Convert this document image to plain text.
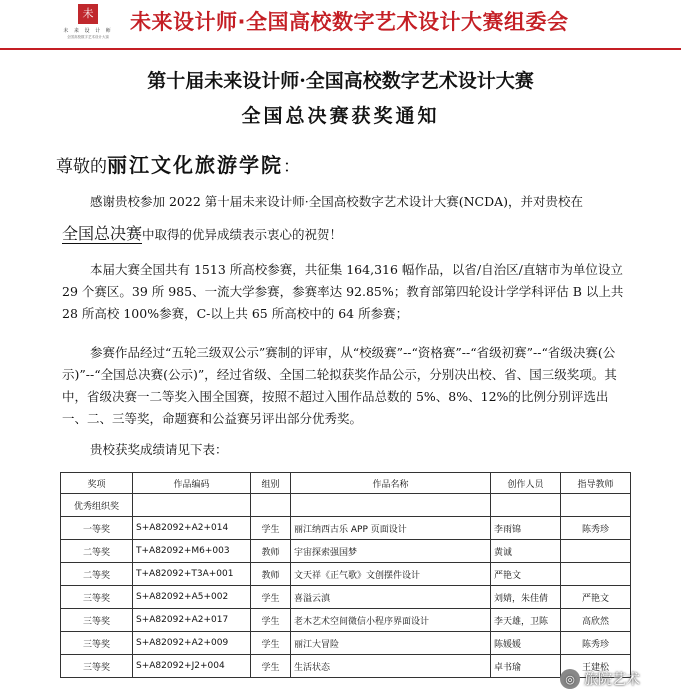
未
未 来 设 计 师
全国高校数字艺术设计大赛
未来设计师·全国高校数字艺术设计大赛组委会
第十届未来设计师·全国高校数字艺术设计大赛
全国总决赛获奖通知
尊敬的丽江文化旅游学院：
感谢贵校参加 2022 第十届未来设计师·全国高校数字艺术设计大赛(NCDA)，并对贵校在
全国总决赛中取得的优异成绩表示衷心的祝贺！
本届大赛全国共有 1513 所高校参赛，共征集 164,316 幅作品，以省/自治区/直辖市为单位设立 29 个赛区。39 所 985、一流大学参赛，参赛率达 92.85%；教育部第四轮设计学学科评估 B 以上共 28 所高校 100%参赛，C-以上共 65 所高校中的 64 所参赛；
参赛作品经过“五轮三级双公示”赛制的评审，从“校级赛”--“资格赛”--“省级初赛”--“省级决赛(公示)”--“全国总决赛(公示)”，经过省级、全国二轮拟获奖作品公示，分别决出校、省、国三级奖项。其中，省级决赛一二等奖入围全国赛，按照不超过入围作品总数的 5%、8%、12%的比例分别评选出一、二、三等奖，命题赛和公益赛另评出部分优秀奖。
贵校获奖成绩请见下表：
奖项	作品编码	组别	作品名称	创作人员	指导教师
优秀组织奖					
一等奖	S+A82092+A2+014	学生	丽江纳西古乐 APP 页面设计	李雨锦	陈秀珍
二等奖	T+A82092+M6+003	教师	宇宙探索强国梦	黄诚	
二等奖	T+A82092+T3A+001	教师	文天祥《正气歌》文创摆件设计	严艳文	
三等奖	S+A82092+A5+002	学生	喜溢云滇	刘婧，朱佳倩	严艳文
三等奖	S+A82092+A2+017	学生	老木艺术空间微信小程序界面设计	李天雄，卫陈	高欣然
三等奖	S+A82092+A2+009	学生	丽江大冒险	陈媛媛	陈秀珍
三等奖	S+A82092+J2+004	学生	生活状态	卓书瑜	王建松
◎ 旅院艺术
